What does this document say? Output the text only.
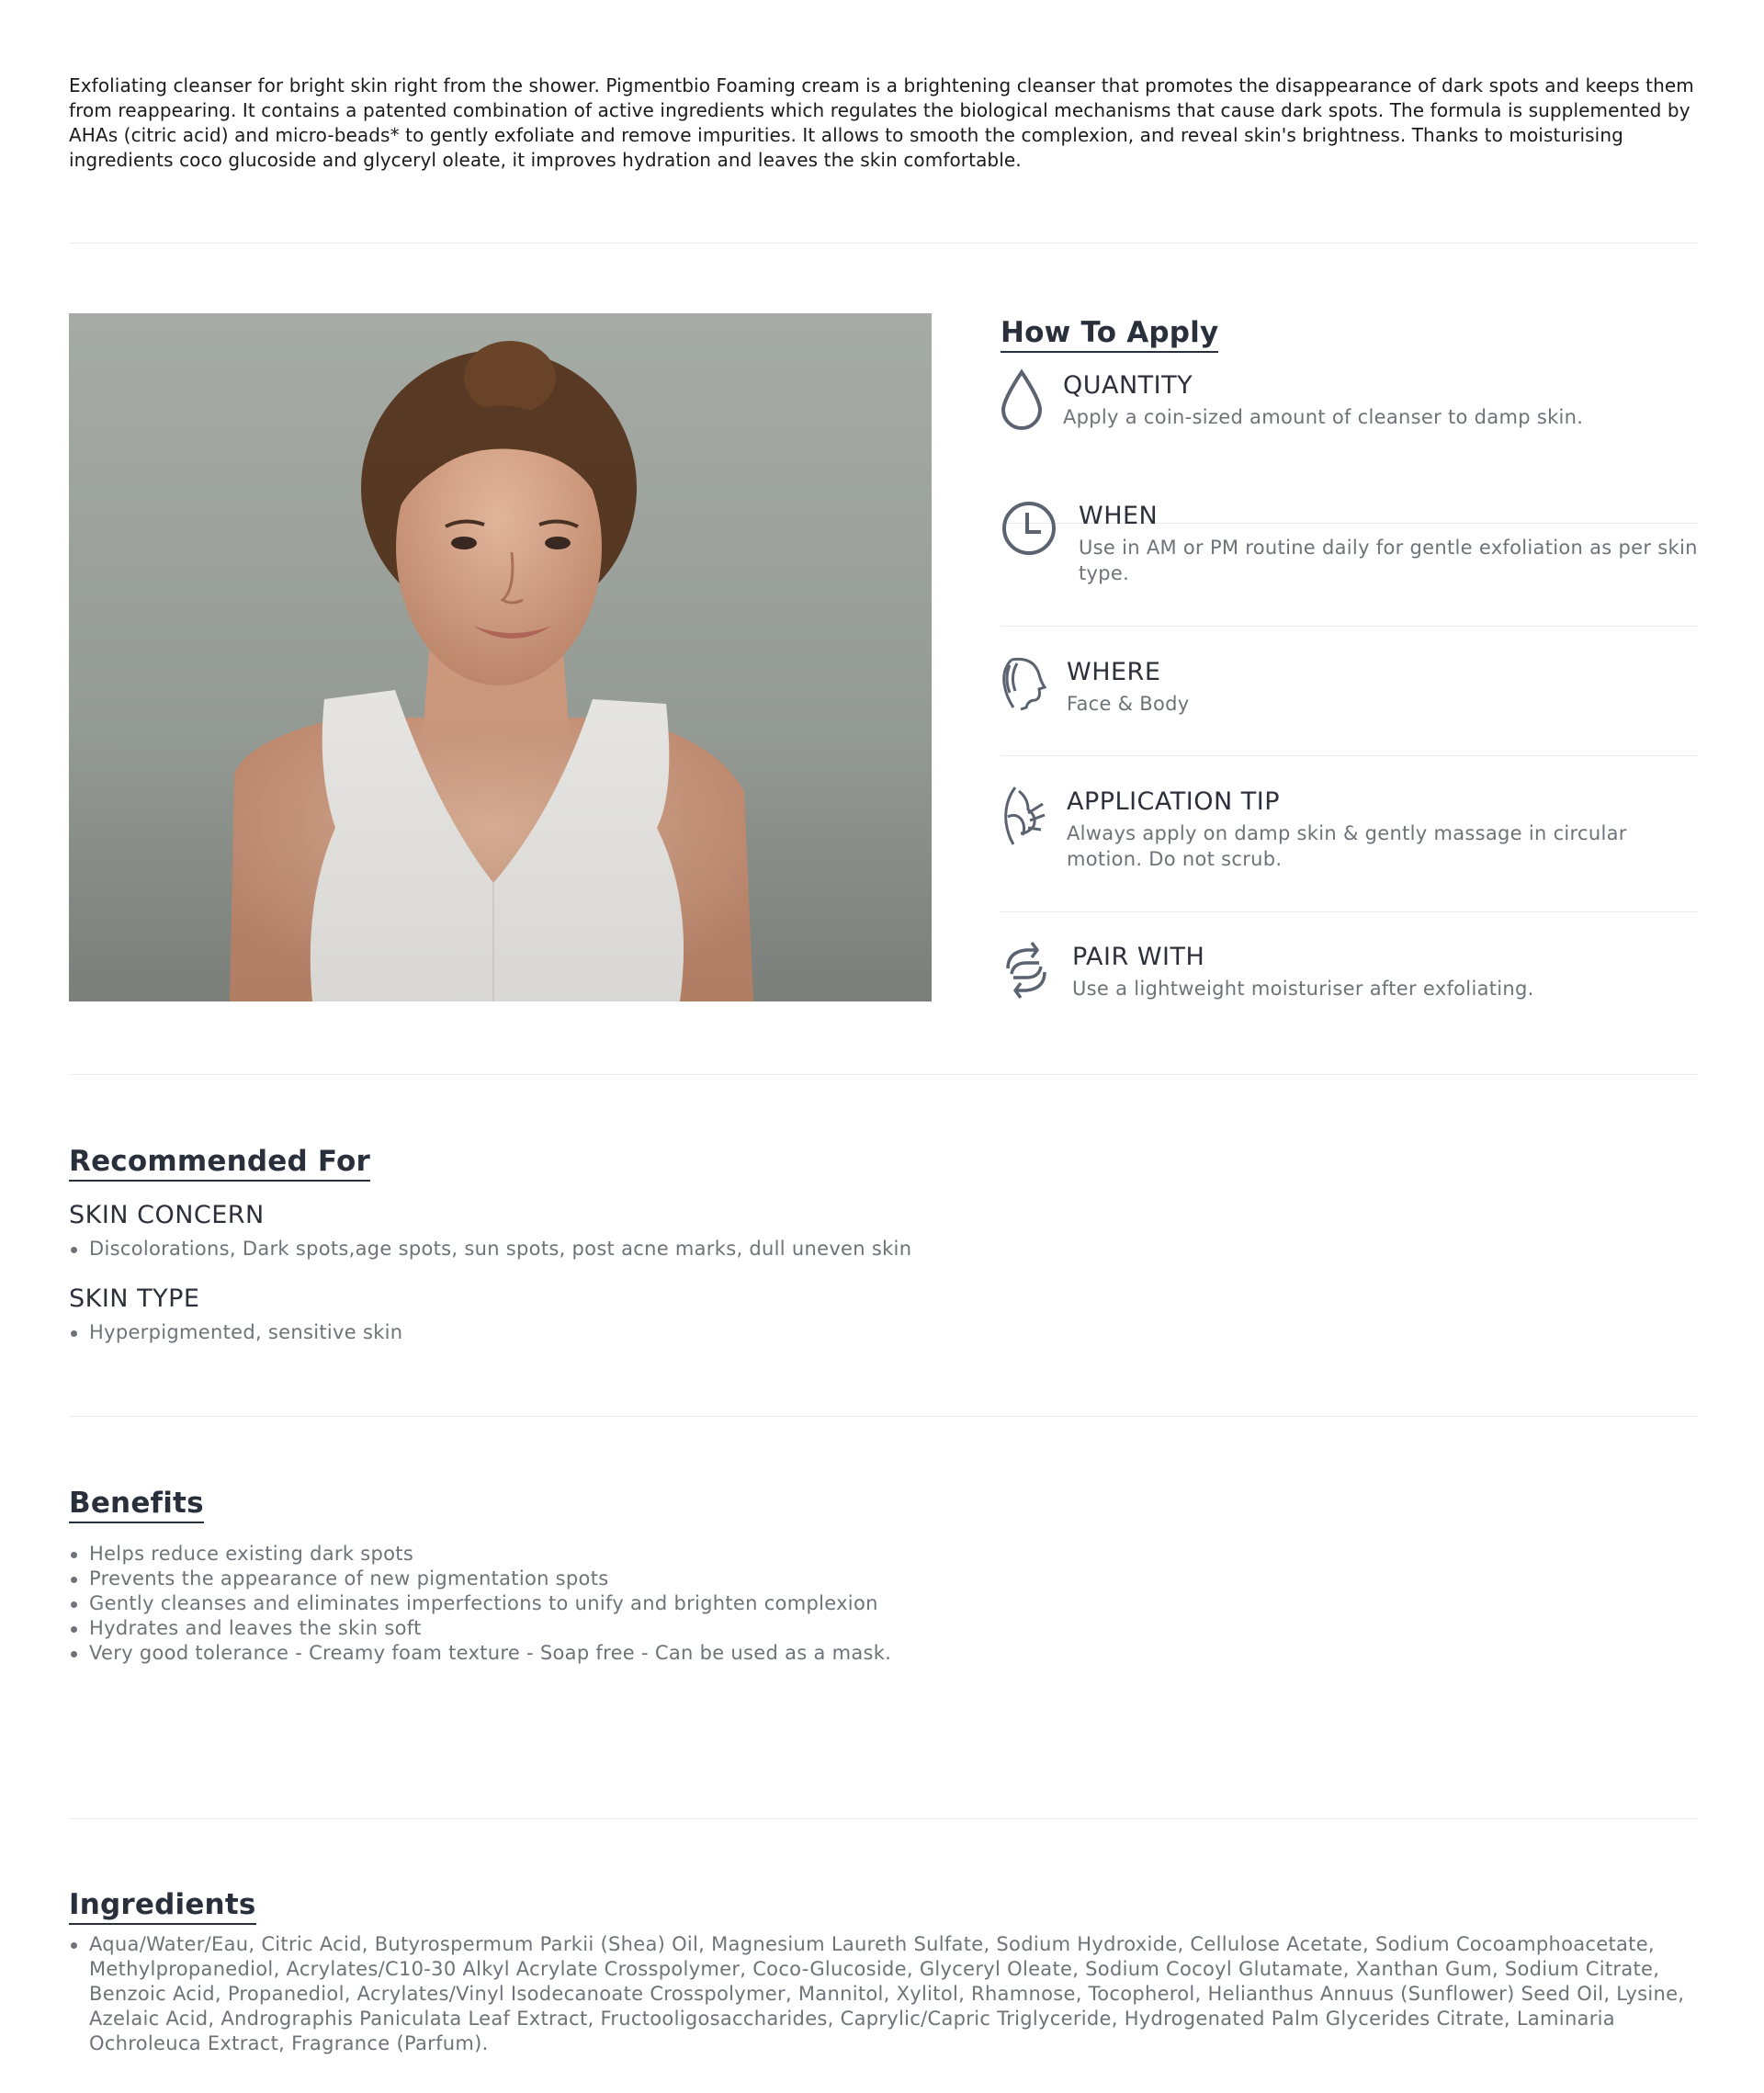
Exfoliating cleanser for bright skin right from the shower. Pigmentbio Foaming cream is a brightening cleanser that promotes the disappearance of dark spots and keeps them from reappearing. It contains a patented combination of active ingredients which regulates the biological mechanisms that cause dark spots. The formula is supplemented by AHAs (citric acid) and micro-beads* to gently exfoliate and remove impurities. It allows to smooth the complexion, and reveal skin's brightness. Thanks to moisturising ingredients coco glucoside and glyceryl oleate, it improves hydration and leaves the skin comfortable.

How To Apply
QUANTITY
Apply a coin-sized amount of cleanser to damp skin.
WHEN
Use in AM or PM routine daily for gentle exfoliation as per skin type.
WHERE
Face & Body
APPLICATION TIP
Always apply on damp skin & gently massage in circular motion. Do not scrub.
PAIR WITH
Use a lightweight moisturiser after exfoliating.
Recommended For
SKIN CONCERN
Discolorations, Dark spots,age spots, sun spots, post acne marks, dull uneven skin
SKIN TYPE
Hyperpigmented, sensitive skin
Benefits
Helps reduce existing dark spots
Prevents the appearance of new pigmentation spots
Gently cleanses and eliminates imperfections to unify and brighten complexion
Hydrates and leaves the skin soft
Very good tolerance - Creamy foam texture - Soap free - Can be used as a mask.
Ingredients
Aqua/Water/Eau, Citric Acid, Butyrospermum Parkii (Shea) Oil, Magnesium Laureth Sulfate, Sodium Hydroxide, Cellulose Acetate, Sodium Cocoamphoacetate, Methylpropanediol, Acrylates/C10-30 Alkyl Acrylate Crosspolymer, Coco-Glucoside, Glyceryl Oleate, Sodium Cocoyl Glutamate, Xanthan Gum, Sodium Citrate, Benzoic Acid, Propanediol, Acrylates/Vinyl Isodecanoate Crosspolymer, Mannitol, Xylitol, Rhamnose, Tocopherol, Helianthus Annuus (Sunflower) Seed Oil, Lysine, Azelaic Acid, Andrographis Paniculata Leaf Extract, Fructooligosaccharides, Caprylic/Capric Triglyceride, Hydrogenated Palm Glycerides Citrate, Laminaria Ochroleuca Extract, Fragrance (Parfum).
